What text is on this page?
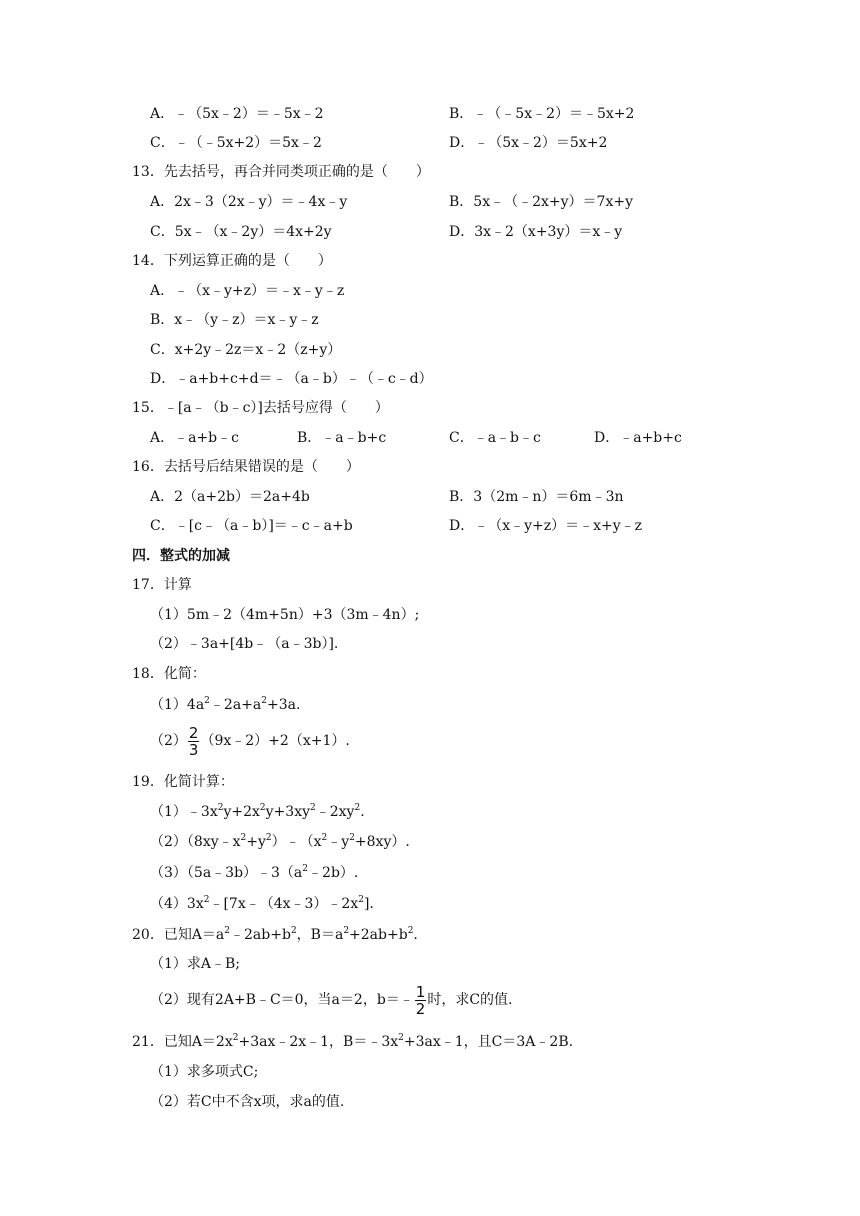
A．﹣（5x﹣2）＝﹣5x﹣2	B．﹣（﹣5x﹣2）＝﹣5x+2
C．﹣（﹣5x+2）＝5x﹣2	D．﹣（5x﹣2）＝5x+2
13．先去括号，再合并同类项正确的是（　　）
A．2x﹣3（2x﹣y）＝﹣4x﹣y	B．5x﹣（﹣2x+y）＝7x+y
C．5x﹣（x﹣2y）＝4x+2y	D．3x﹣2（x+3y）＝x﹣y
14．下列运算正确的是（　　）
A．﹣（x﹣y+z）＝﹣x﹣y﹣z
B．x﹣（y﹣z）＝x﹣y﹣z
C．x+2y﹣2z＝x﹣2（z+y）
D．﹣a+b+c+d＝﹣（a﹣b）﹣（﹣c﹣d）
15．﹣[a﹣（b﹣c）]去括号应得（　　）
A．﹣a+b﹣c	B．﹣a﹣b+c	C．﹣a﹣b﹣c	D．﹣a+b+c
16．去括号后结果错误的是（　　）
A．2（a+2b）＝2a+4b	B．3（2m﹣n）＝6m﹣3n
C．﹣[c﹣（a﹣b）]＝﹣c﹣a+b	D．﹣（x﹣y+z）＝﹣x+y﹣z
四．整式的加减
17．计算
（1）5m﹣2（4m+5n）+3（3m﹣4n）;
（2）﹣3a+[4b﹣（a﹣3b）].
18．化简：
$(1)4a^2﹣2a+a^2+3a$.
$(2) \frac{2}{3}$ （9x﹣2）+2（x+1）.
19．化简计算：
$(1)﹣3x^2y+2x^2y+3xy^2﹣2xy^2$.
$(2)(8xy﹣x^2+y^2)﹣(x^2﹣y^2+8xy)$.
$(3)(5a﹣3b)﹣3(a^2﹣2b)$.
$(4)3x^2﹣[7x﹣(4x﹣3)﹣2x^2]$.
20．已知$A=a^2﹣2ab+b^2$，$B=a^2+2ab+b^2$.
（1）求A﹣B;
（2）现有2A+B﹣C＝0，当a＝2，b＝﹣ $\frac{1}{2}$ 时，求C的值.
21．已知$A=2x^2+3ax﹣2x﹣1$，$B=﹣3x^2+3ax﹣1$，且C＝3A﹣2B.
（1）求多项式C;
（2）若C中不含x项，求a的值.
